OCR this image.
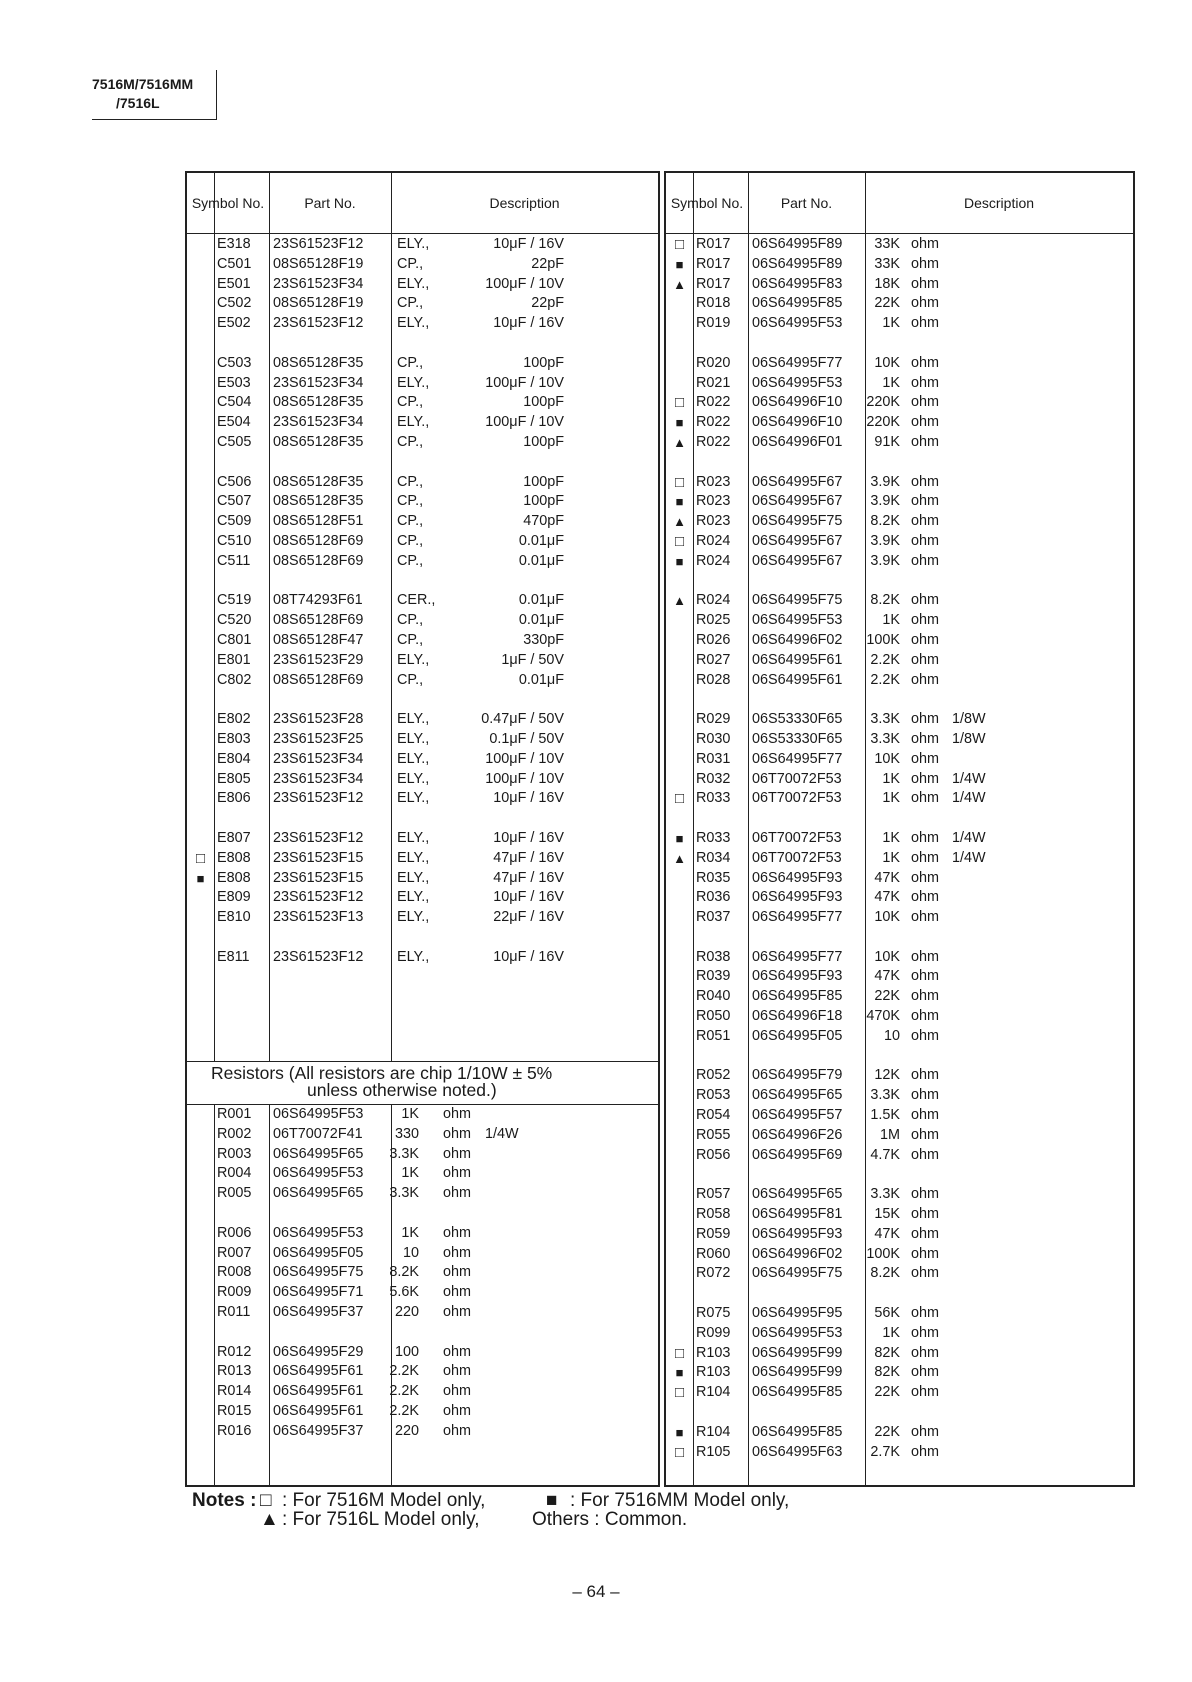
7516M/7516MM
/7516L
Symbol No.	Part No.	Description
E318 23S61523F12 ELY.,	10μF / 16V
C501 08S65128F19 CP.,	22pF
E501 23S61523F34 ELY.,	100μF / 10V
C502 08S65128F19 CP.,	22pF
E502 23S61523F12 ELY.,	10μF / 16V
C503 08S65128F35 CP.,	100pF
E503 23S61523F34 ELY.,	100μF / 10V
C504 08S65128F35 CP.,	100pF
E504 23S61523F34 ELY.,	100μF / 10V
C505 08S65128F35 CP.,	100pF
C506 08S65128F35 CP.,	100pF
C507 08S65128F35 CP.,	100pF
C509 08S65128F51 CP.,	470pF
C510 08S65128F69 CP.,	0.01μF
C511 08S65128F69 CP.,	0.01μF
C519 08T74293F61 CER.,	0.01μF
C520 08S65128F69 CP.,	0.01μF
C801 08S65128F47 CP.,	330pF
E801 23S61523F29 ELY.,	1μF / 50V
C802 08S65128F69 CP.,	0.01μF
E802 23S61523F28 ELY.,	0.47μF / 50V
E803 23S61523F25 ELY.,	0.1μF / 50V
E804 23S61523F34 ELY.,	100μF / 10V
E805 23S61523F34 ELY.,	100μF / 10V
E806 23S61523F12 ELY.,	10μF / 16V
E807 23S61523F12 ELY.,	10μF / 16V
□ E808 23S61523F15 ELY.,	47μF / 16V
■ E808 23S61523F15 ELY.,	47μF / 16V
E809 23S61523F12 ELY.,	10μF / 16V
E810 23S61523F13 ELY.,	22μF / 16V
E811 23S61523F12 ELY.,	10μF / 16V
Resistors (All resistors are chip 1/10W ± 5%
unless otherwise noted.)
R001 06S64995F53	1K ohm
R002 06T70072F41 330 ohm 1/4W
R003 06S64995F65 3.3K ohm
R004 06S64995F53	1K ohm
R005 06S64995F65 3.3K ohm
R006 06S64995F53	1K ohm
R007 06S64995F05	10 ohm
R008 06S64995F75 8.2K ohm
R009 06S64995F71 5.6K ohm
R011 06S64995F37 220 ohm
R012 06S64995F29 100 ohm
R013 06S64995F61 2.2K ohm
R014 06S64995F61 2.2K ohm
R015 06S64995F61 2.2K ohm
R016 06S64995F37 220 ohm
Symbol No.	Part No.	Description
□ R017 06S64995F89 33K ohm
■ R017 06S64995F89 33K ohm
▲ R017 06S64995F83 18K ohm
R018 06S64995F85 22K ohm
R019 06S64995F53	1K ohm
R020 06S64995F77 10K ohm
R021 06S64995F53	1K ohm
□ R022 06S64996F10 220K ohm
■ R022 06S64996F10 220K ohm
▲ R022 06S64996F01 91K ohm
□ R023 06S64995F67 3.9K ohm
■ R023 06S64995F67 3.9K ohm
▲ R023 06S64995F75 8.2K ohm
□ R024 06S64995F67 3.9K ohm
■ R024 06S64995F67 3.9K ohm
▲ R024 06S64995F75 8.2K ohm
R025 06S64995F53	1K ohm
R026 06S64996F02 100K ohm
R027 06S64995F61 2.2K ohm
R028 06S64995F61 2.2K ohm
R029 06S53330F65 3.3K ohm 1/8W
R030 06S53330F65 3.3K ohm 1/8W
R031 06S64995F77 10K ohm
R032 06T70072F53	1K ohm 1/4W
□ R033 06T70072F53	1K ohm 1/4W
■ R033 06T70072F53	1K ohm 1/4W
▲ R034 06T70072F53	1K ohm 1/4W
R035 06S64995F93 47K ohm
R036 06S64995F93 47K ohm
R037 06S64995F77 10K ohm
R038 06S64995F77 10K ohm
R039 06S64995F93 47K ohm
R040 06S64995F85 22K ohm
R050 06S64996F18 470K ohm
R051 06S64995F05	10 ohm
R052 06S64995F79 12K ohm
R053 06S64995F65 3.3K ohm
R054 06S64995F57 1.5K ohm
R055 06S64996F26	1M ohm
R056 06S64995F69 4.7K ohm
R057 06S64995F65 3.3K ohm
R058 06S64995F81 15K ohm
R059 06S64995F93 47K ohm
R060 06S64996F02 100K ohm
R072 06S64995F75 8.2K ohm
R075 06S64995F95 56K ohm
R099 06S64995F53	1K ohm
□ R103 06S64995F99 82K ohm
■ R103 06S64995F99 82K ohm
□ R104 06S64995F85 22K ohm
■ R104 06S64995F85 22K ohm
□ R105 06S64995F63 2.7K ohm
Notes : □ : For 7516M Model only,	■ : For 7516MM Model only,
▲ : For 7516L Model only,	Others : Common.
– 64 –
